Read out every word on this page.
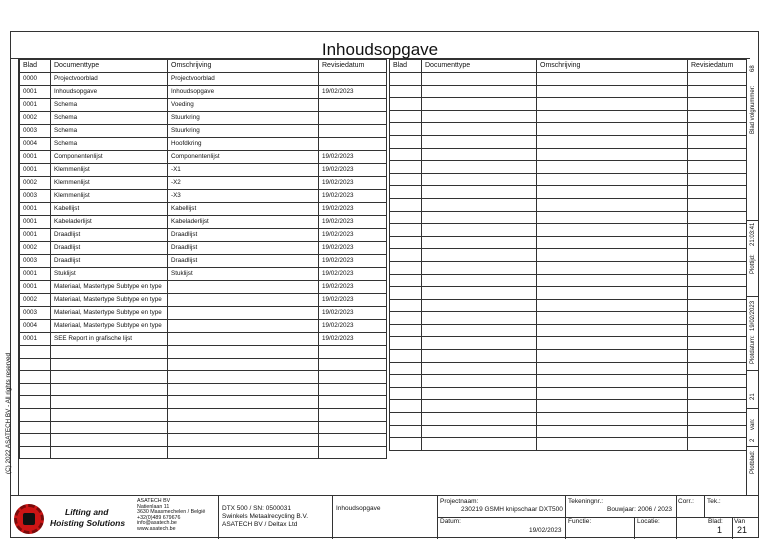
Inhoudsopgave
(C) 2022 ASATECH BV - All rights reserved
Blad	Documenttype	Omschrijving	Revisiedatum
0000	Projectvoorblad	Projectvoorblad	
0001	Inhoudsopgave	Inhoudsopgave	19/02/2023
0001	Schema	Voeding	
0002	Schema	Stuurkring	
0003	Schema	Stuurkring	
0004	Schema	Hoofdkring	
0001	Componentenlijst	Componentenlijst	19/02/2023
0001	Klemmenlijst	-X1	19/02/2023
0002	Klemmenlijst	-X2	19/02/2023
0003	Klemmenlijst	-X3	19/02/2023
0001	Kabellijst	Kabellijst	19/02/2023
0001	Kabeladerlijst	Kabeladerlijst	19/02/2023
0001	Draadlijst	Draadlijst	19/02/2023
0002	Draadlijst	Draadlijst	19/02/2023
0003	Draadlijst	Draadlijst	19/02/2023
0001	Stuklijst	Stuklijst	19/02/2023
0001	Materiaal, Mastertype Subtype en type		19/02/2023
0002	Materiaal, Mastertype Subtype en type		19/02/2023
0003	Materiaal, Mastertype Subtype en type		19/02/2023
0004	Materiaal, Mastertype Subtype en type		19/02/2023
0001	SEE Report in grafische lijst		19/02/2023

Blad	Documenttype	Omschrijving	Revisiedatum

				68
Blad volgnummer:
21:03:41
Plottijd:
19/02/2023
Plotdatum:
21
van:
2
Plotblad:
Lifting and
Hoisting Solutions
ASATECH BV
Natienlaan 11
3630 Maasmechelen / België
+32(0)489 679676
info@asatech.be
www.asatech.be
DTX 500 / SN: 0500031
Swinkels Metaalrecycling B.V.
ASATECH BV / Deltax Ltd
Inhoudsopgave
Projectnaam:
230219 GSMH knipschaar DXT500
Tekeningnr.:
Bouwjaar: 2006 / 2023
Corr.: Tek.:
Datum:
19/02/2023
Functie:	Locatie:	Blad:
1
Van
21
